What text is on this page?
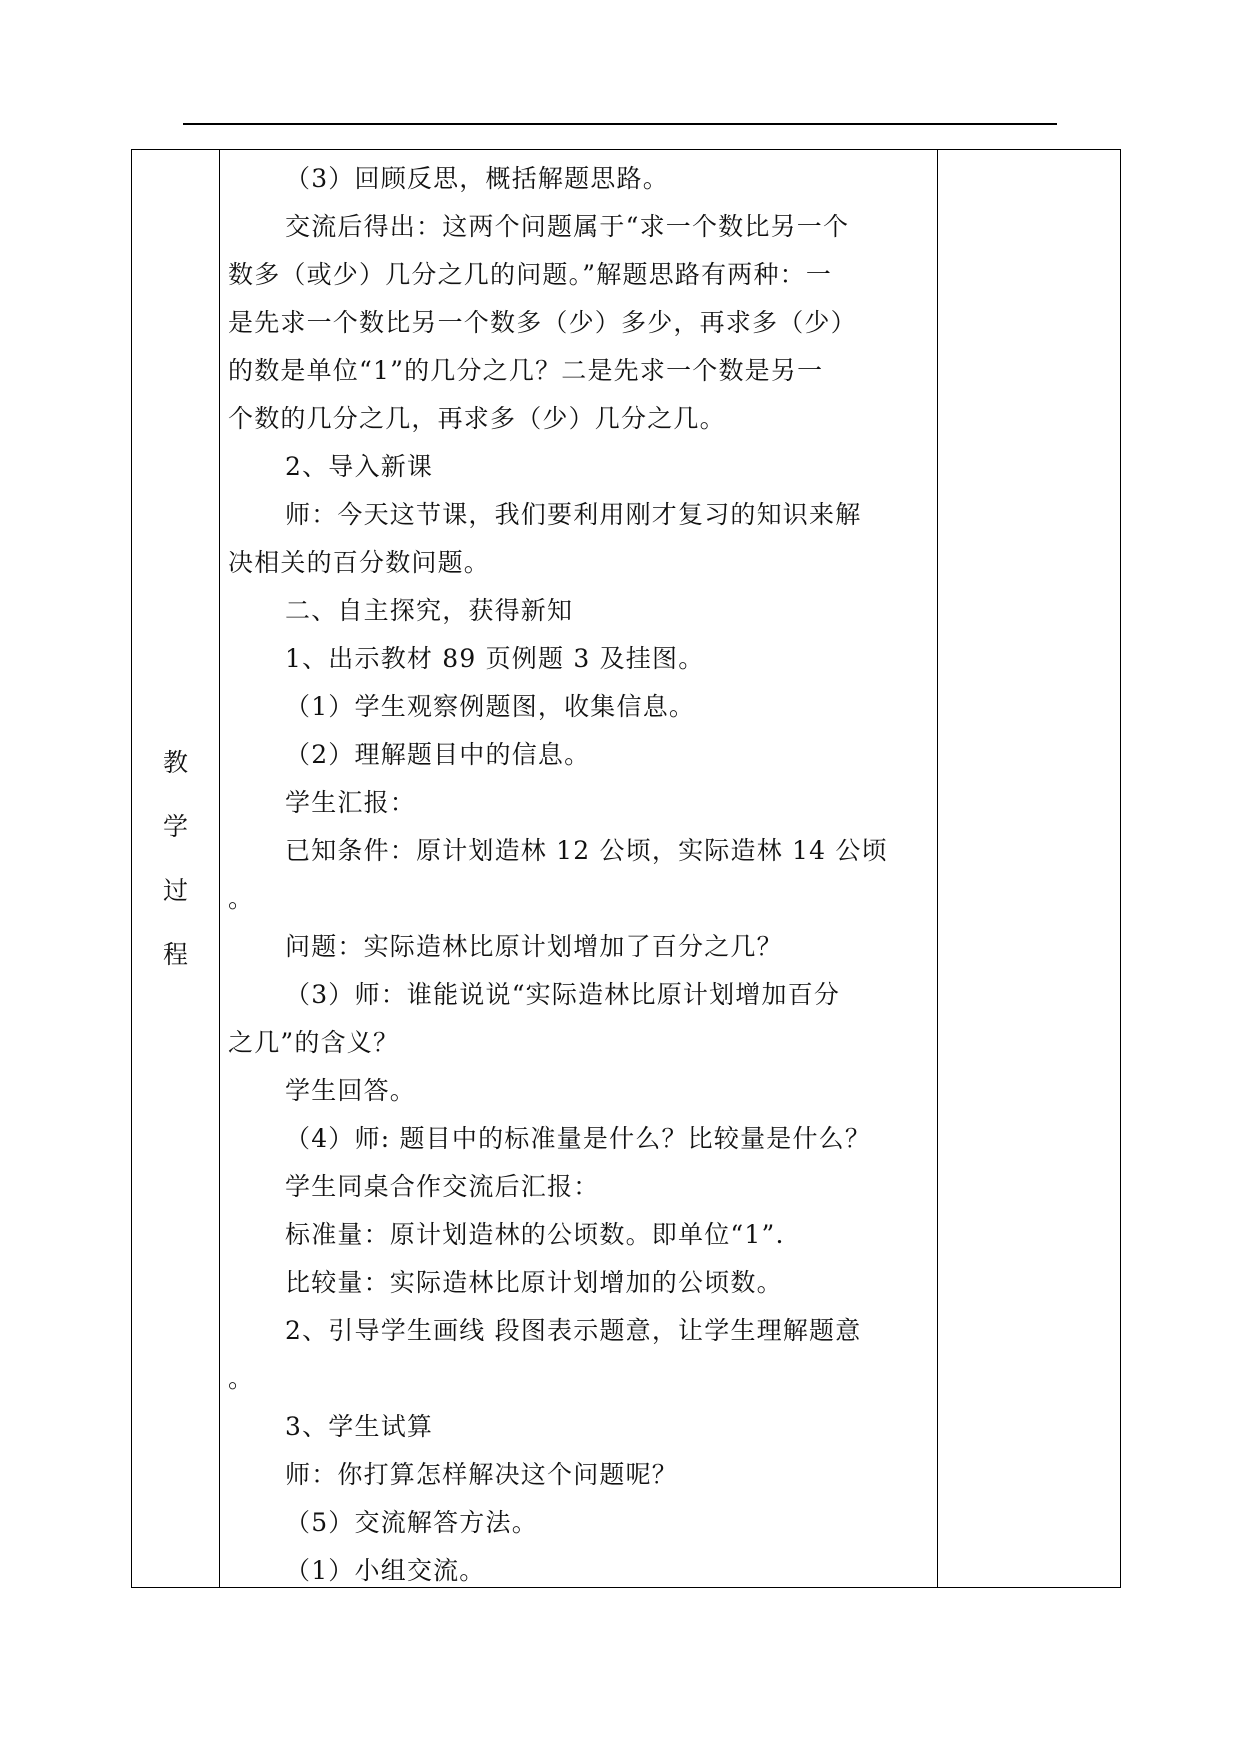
教
学
过
程
（3）回顾反思，概括解题思路。
交流后得出：这两个问题属于“求一个数比另一个
数多（或少）几分之几的问题。”解题思路有两种：一
是先求一个数比另一个数多（少）多少，再求多（少）
的数是单位“1”的几分之几？二是先求一个数是另一
个数的几分之几，再求多（少）几分之几。
2、导入新课
师：今天这节课，我们要利用刚才复习的知识来解
决相关的百分数问题。
二、自主探究，获得新知
1、出示教材 89 页例题 3 及挂图。
（1）学生观察例题图，收集信息。
（2）理解题目中的信息。
学生汇报：
已知条件：原计划造林 12 公顷，实际造林 14 公顷
。
问题：实际造林比原计划增加了百分之几？
（3）师：谁能说说“实际造林比原计划增加百分
之几”的含义？
学生回答。
（4）师: 题目中的标准量是什么？比较量是什么？
学生同桌合作交流后汇报：
标准量：原计划造林的公顷数。即单位“1”.
比较量：实际造林比原计划增加的公顷数。
2、引导学生画线 段图表示题意，让学生理解题意
。
3、学生试算
师：你打算怎样解决这个问题呢？
（5）交流解答方法。
（1）小组交流。
